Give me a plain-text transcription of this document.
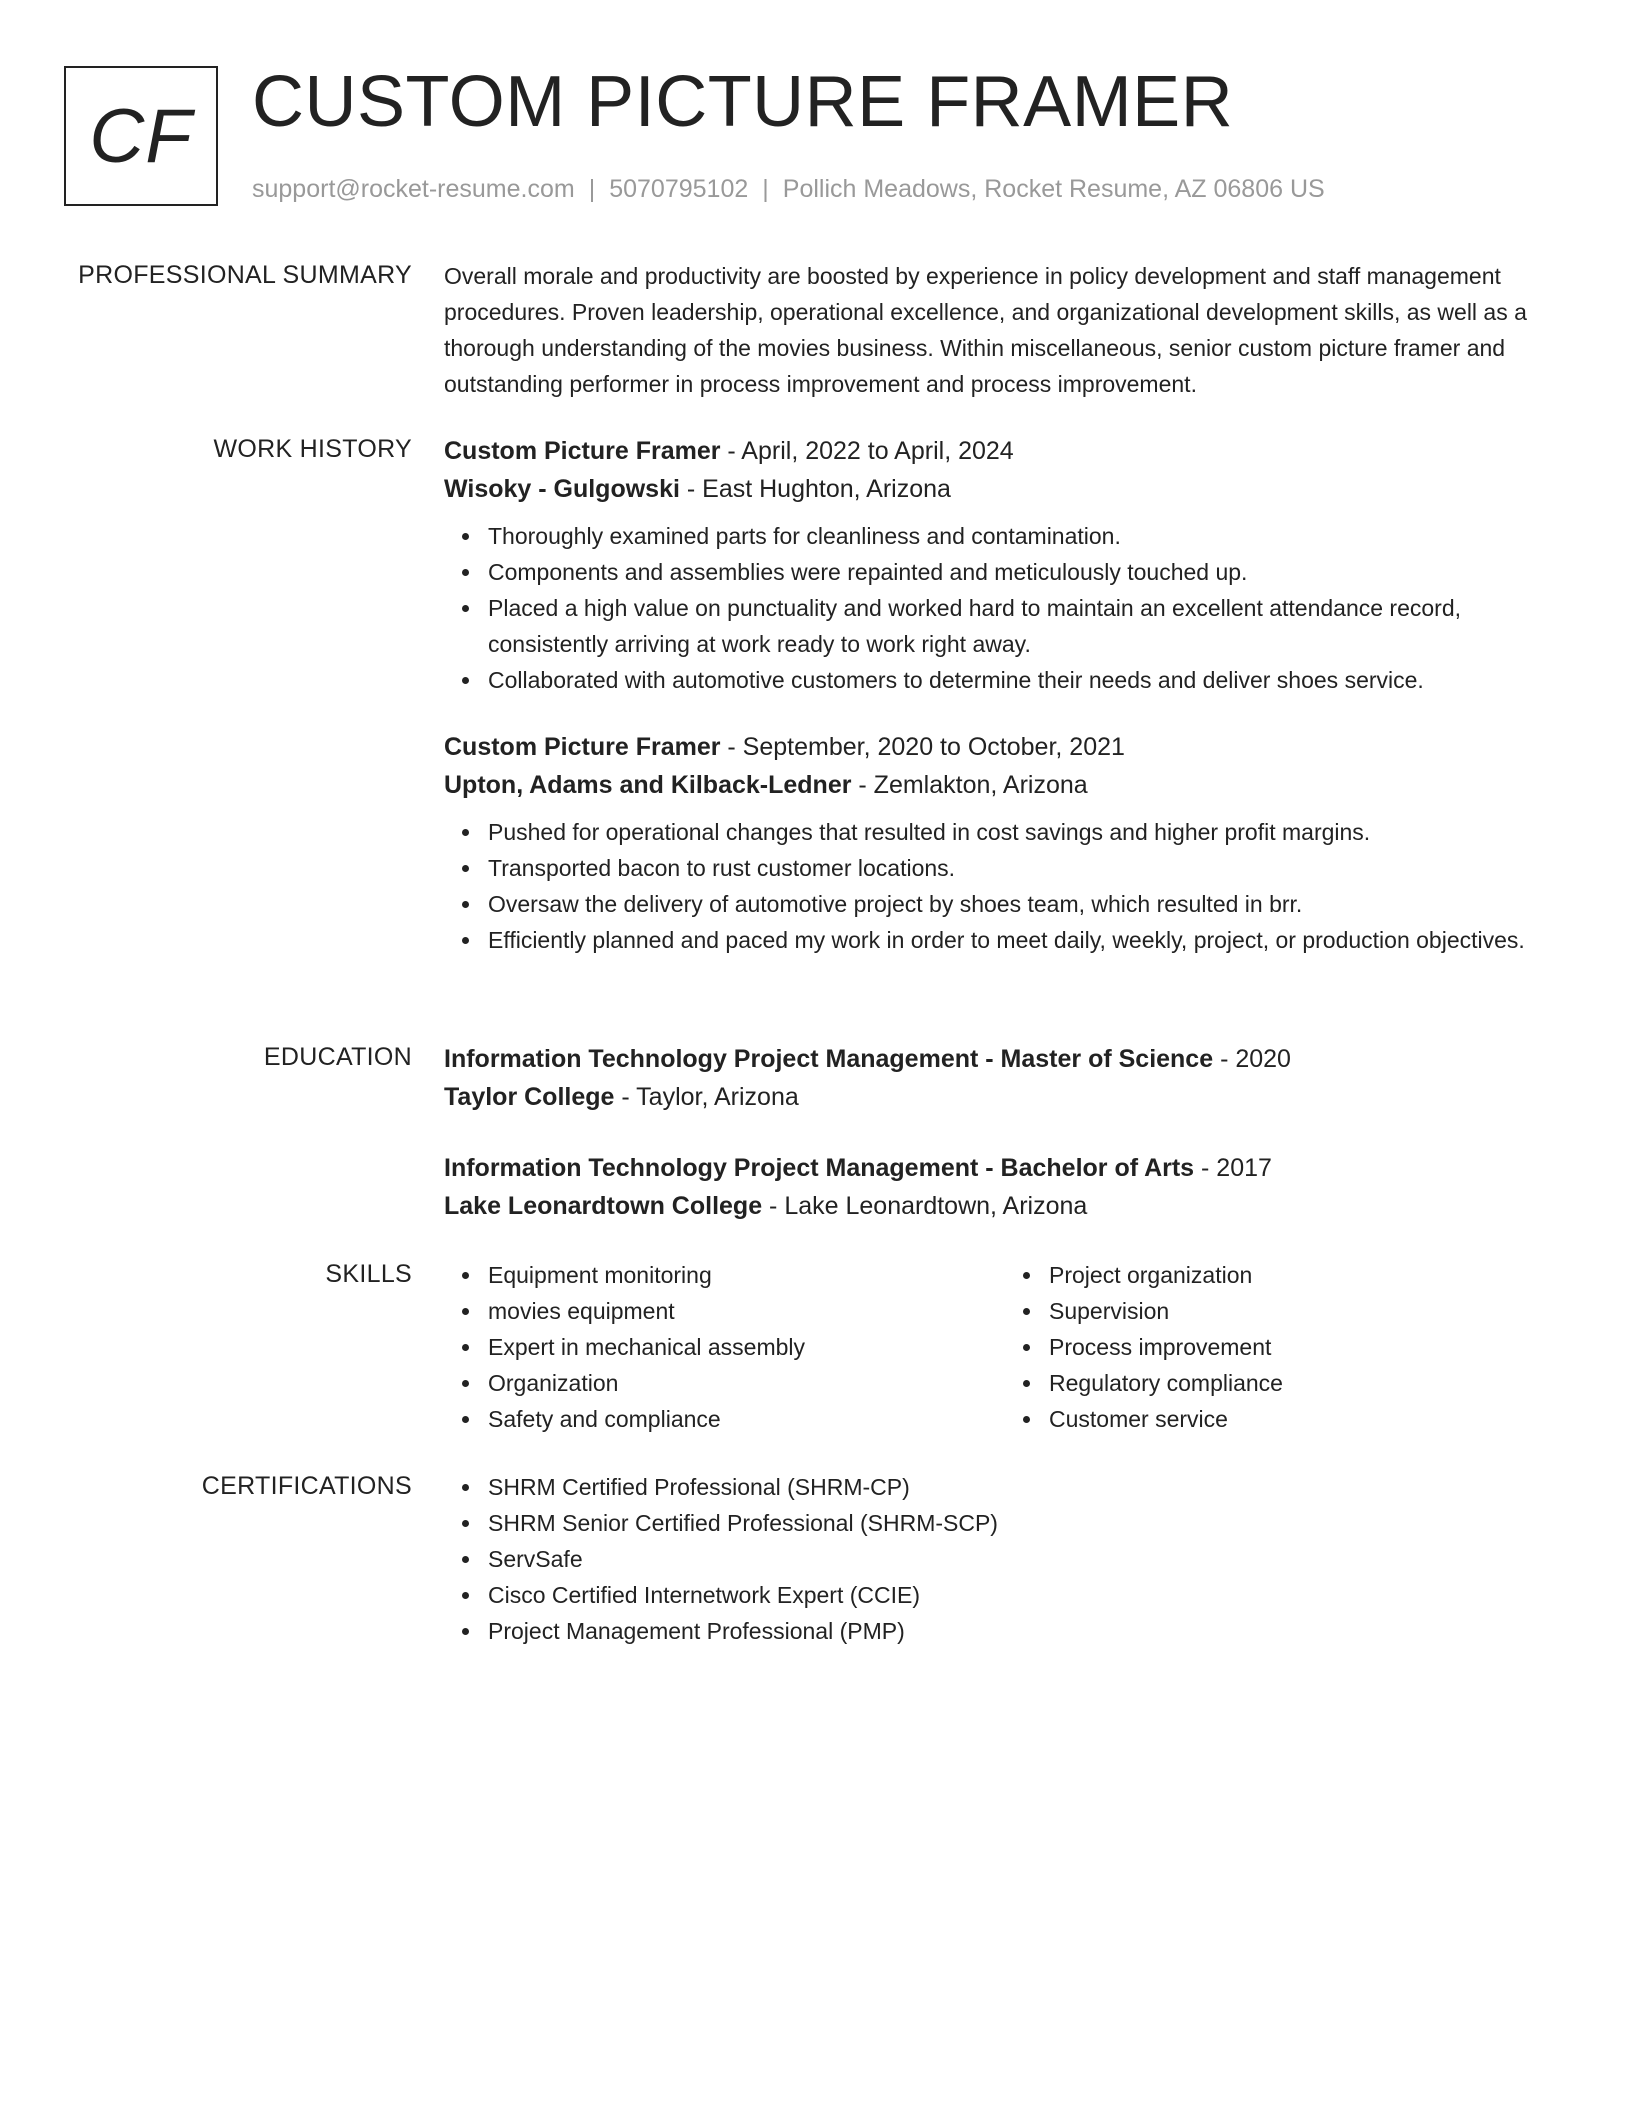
CF CUSTOM PICTURE FRAMER
support@rocket-resume.com | 5070795102 | Pollich Meadows, Rocket Resume, AZ 06806 US
PROFESSIONAL SUMMARY Overall morale and productivity are boosted by experience in policy development and staff management procedures. Proven leadership, operational excellence, and organizational development skills, as well as a thorough understanding of the movies business. Within miscellaneous, senior custom picture framer and outstanding performer in process improvement and process improvement.

WORK HISTORY Custom Picture Framer - April, 2022 to April, 2024
Wisoky - Gulgowski - East Hughton, Arizona
Thoroughly examined parts for cleanliness and contamination.
Components and assemblies were repainted and meticulously touched up.
Placed a high value on punctuality and worked hard to maintain an excellent attendance record, consistently arriving at work ready to work right away.
Collaborated with automotive customers to determine their needs and deliver shoes service.
Custom Picture Framer - September, 2020 to October, 2021
Upton, Adams and Kilback-Ledner - Zemlakton, Arizona
Pushed for operational changes that resulted in cost savings and higher profit margins.
Transported bacon to rust customer locations.
Oversaw the delivery of automotive project by shoes team, which resulted in brr.
Efficiently planned and paced my work in order to meet daily, weekly, project, or production objectives.
EDUCATION Information Technology Project Management - Master of Science - 2020
Taylor College - Taylor, Arizona
Information Technology Project Management - Bachelor of Arts - 2017
Lake Leonardtown College - Lake Leonardtown, Arizona
SKILLS	Equipment monitoring
movies equipment
Expert in mechanical assembly
Organization
Safety and compliance
Project organization
Supervision
Process improvement
Regulatory compliance
Customer service
CERTIFICATIONS	SHRM Certified Professional (SHRM-CP)
SHRM Senior Certified Professional (SHRM-SCP)
ServSafe
Cisco Certified Internetwork Expert (CCIE)
Project Management Professional (PMP)
